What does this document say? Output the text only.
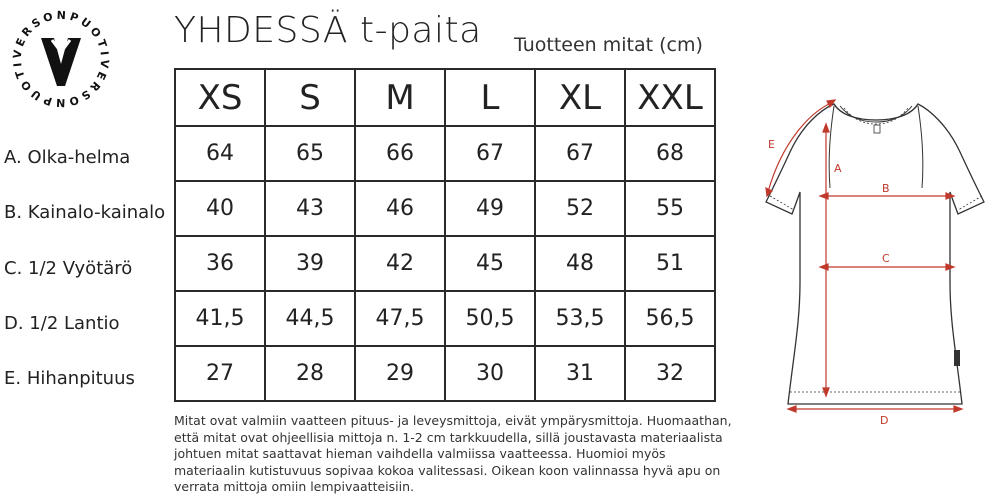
VERSONPUOTI
VERSONPUOTI
YHDESSÄ t-paita Tuotteen mitat (cm)
A. Olka-helma
B. Kainalo-kainalo
C. 1/2 Vyötärö
D. 1/2 Lantio
E. Hihanpituus
XS	S	M	L	XL	XXL
64	65	66	67	67	68
40	43	46	49	52	55
36	39	42	45	48	51
41,5	44,5	47,5	50,5	53,5	56,5
27	28	29	30	31	32
Mitat ovat valmiin vaatteen pituus- ja leveysmittoja, eivät ympärysmittoja. Huomaathan, että mitat ovat ohjeellisia mittoja n. 1-2 cm tarkkuudella, sillä joustavasta materiaalista johtuen mitat saattavat hieman vaihdella valmiissa vaatteessa. Huomioi myös materiaalin kutistuvuus sopivaa kokoa valitessasi. Oikean koon valinnassa hyvä apu on verrata mittoja omiin lempivaatteisiin.
A
B
C
D
E
